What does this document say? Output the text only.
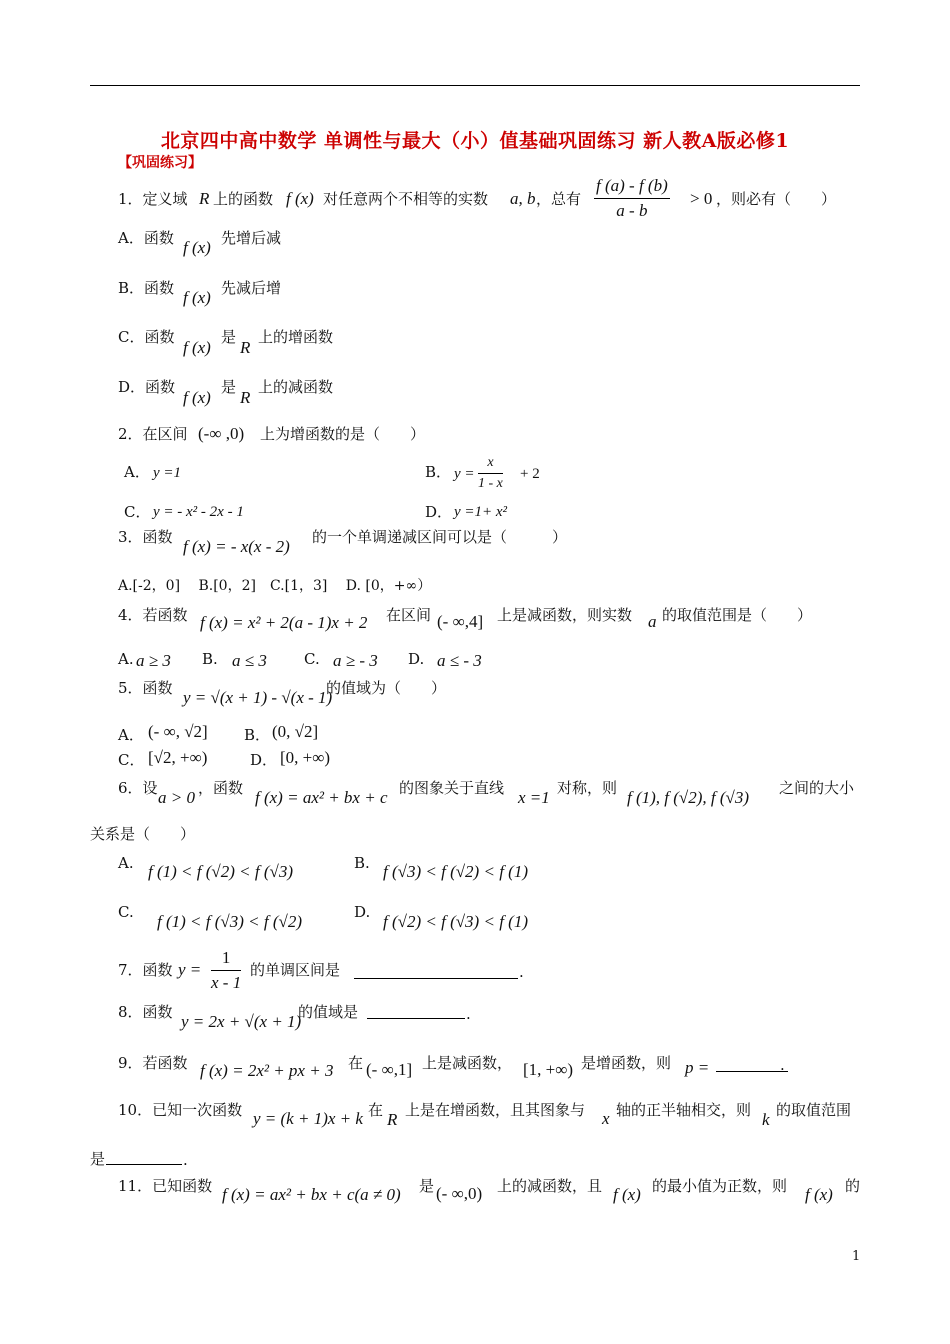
北京四中高中数学 单调性与最大（小）值基础巩固练习 新人教A版必修1
【巩固练习】
1．定义域 R 上的函数 f (x) 对任意两个不相等的实数 a, b ，总有 $\frac{f (a) - f (b)}{a - b} > 0$ ，则必有（　　）
A．函数 f (x) 先增后减
B．函数 f (x) 先减后增
C．函数
f (x)
是
R
上的增函数
D．函数
f (x)
是
R
上的减函数
2．在区间 (-∞ ,0) 上为增函数的是（　　）
A． y =1	B． $y = \frac{x}{1 - x} + 2$
C． y = - x² - 2x - 1	D． y =1+ x²
3．函数 f (x) = - x(x - 2) 的一个单调递减区间可以是（　　　）
A.[-2，0]　 B.[0，2]　C.[1，3]　 D. [0，+∞）
4．若函数 f (x) = x² + 2(a - 1)x + 2 在区间 (- ∞,4] 上是减函数，则实数 a 的取值范围是（　　）
A. a ≥ 3 B. a ≤ 3 C. a ≥ - 3 D. a ≤ - 3
5．函数 y = √(x + 1) - √(x - 1)
的值域为（　　）
A． (- ∞, √2] B． (0, √2]
C． [√2, +∞)	D． [0, +∞)
6．设 a > 0 ，函数 f (x) = ax² + bx + c 的图象关于直线 x =1 对称，则 f (1), f (√2), f (√3) 之间的大小
关系是（　　）
A. f (1) < f (√2) < f (√3)	B. f (√3) < f (√2) < f (1)
C. f (1) < f (√3) < f (√2)	D. f (√2) < f (√3) < f (1)
7．函数 $y = \frac{1}{x - 1}$ 的单调区间是	.
8．函数 y = 2x + √(x + 1)
的值域是	.
9．若函数 f (x) = 2x² + px + 3 在 (- ∞,1] 上是减函数， [1, +∞) 是增函数，则 p =	.
10．已知一次函数 y = (k + 1)x + k 在 R 上是在增函数，且其图象与 x 轴的正半轴相交，则 k 的取值范围
是	.
11．已知函数 f (x) = ax² + bx + c(a ≠ 0) 是 (- ∞,0) 上的减函数，且 f (x) 的最小值为正数，则 f (x) 的
1
